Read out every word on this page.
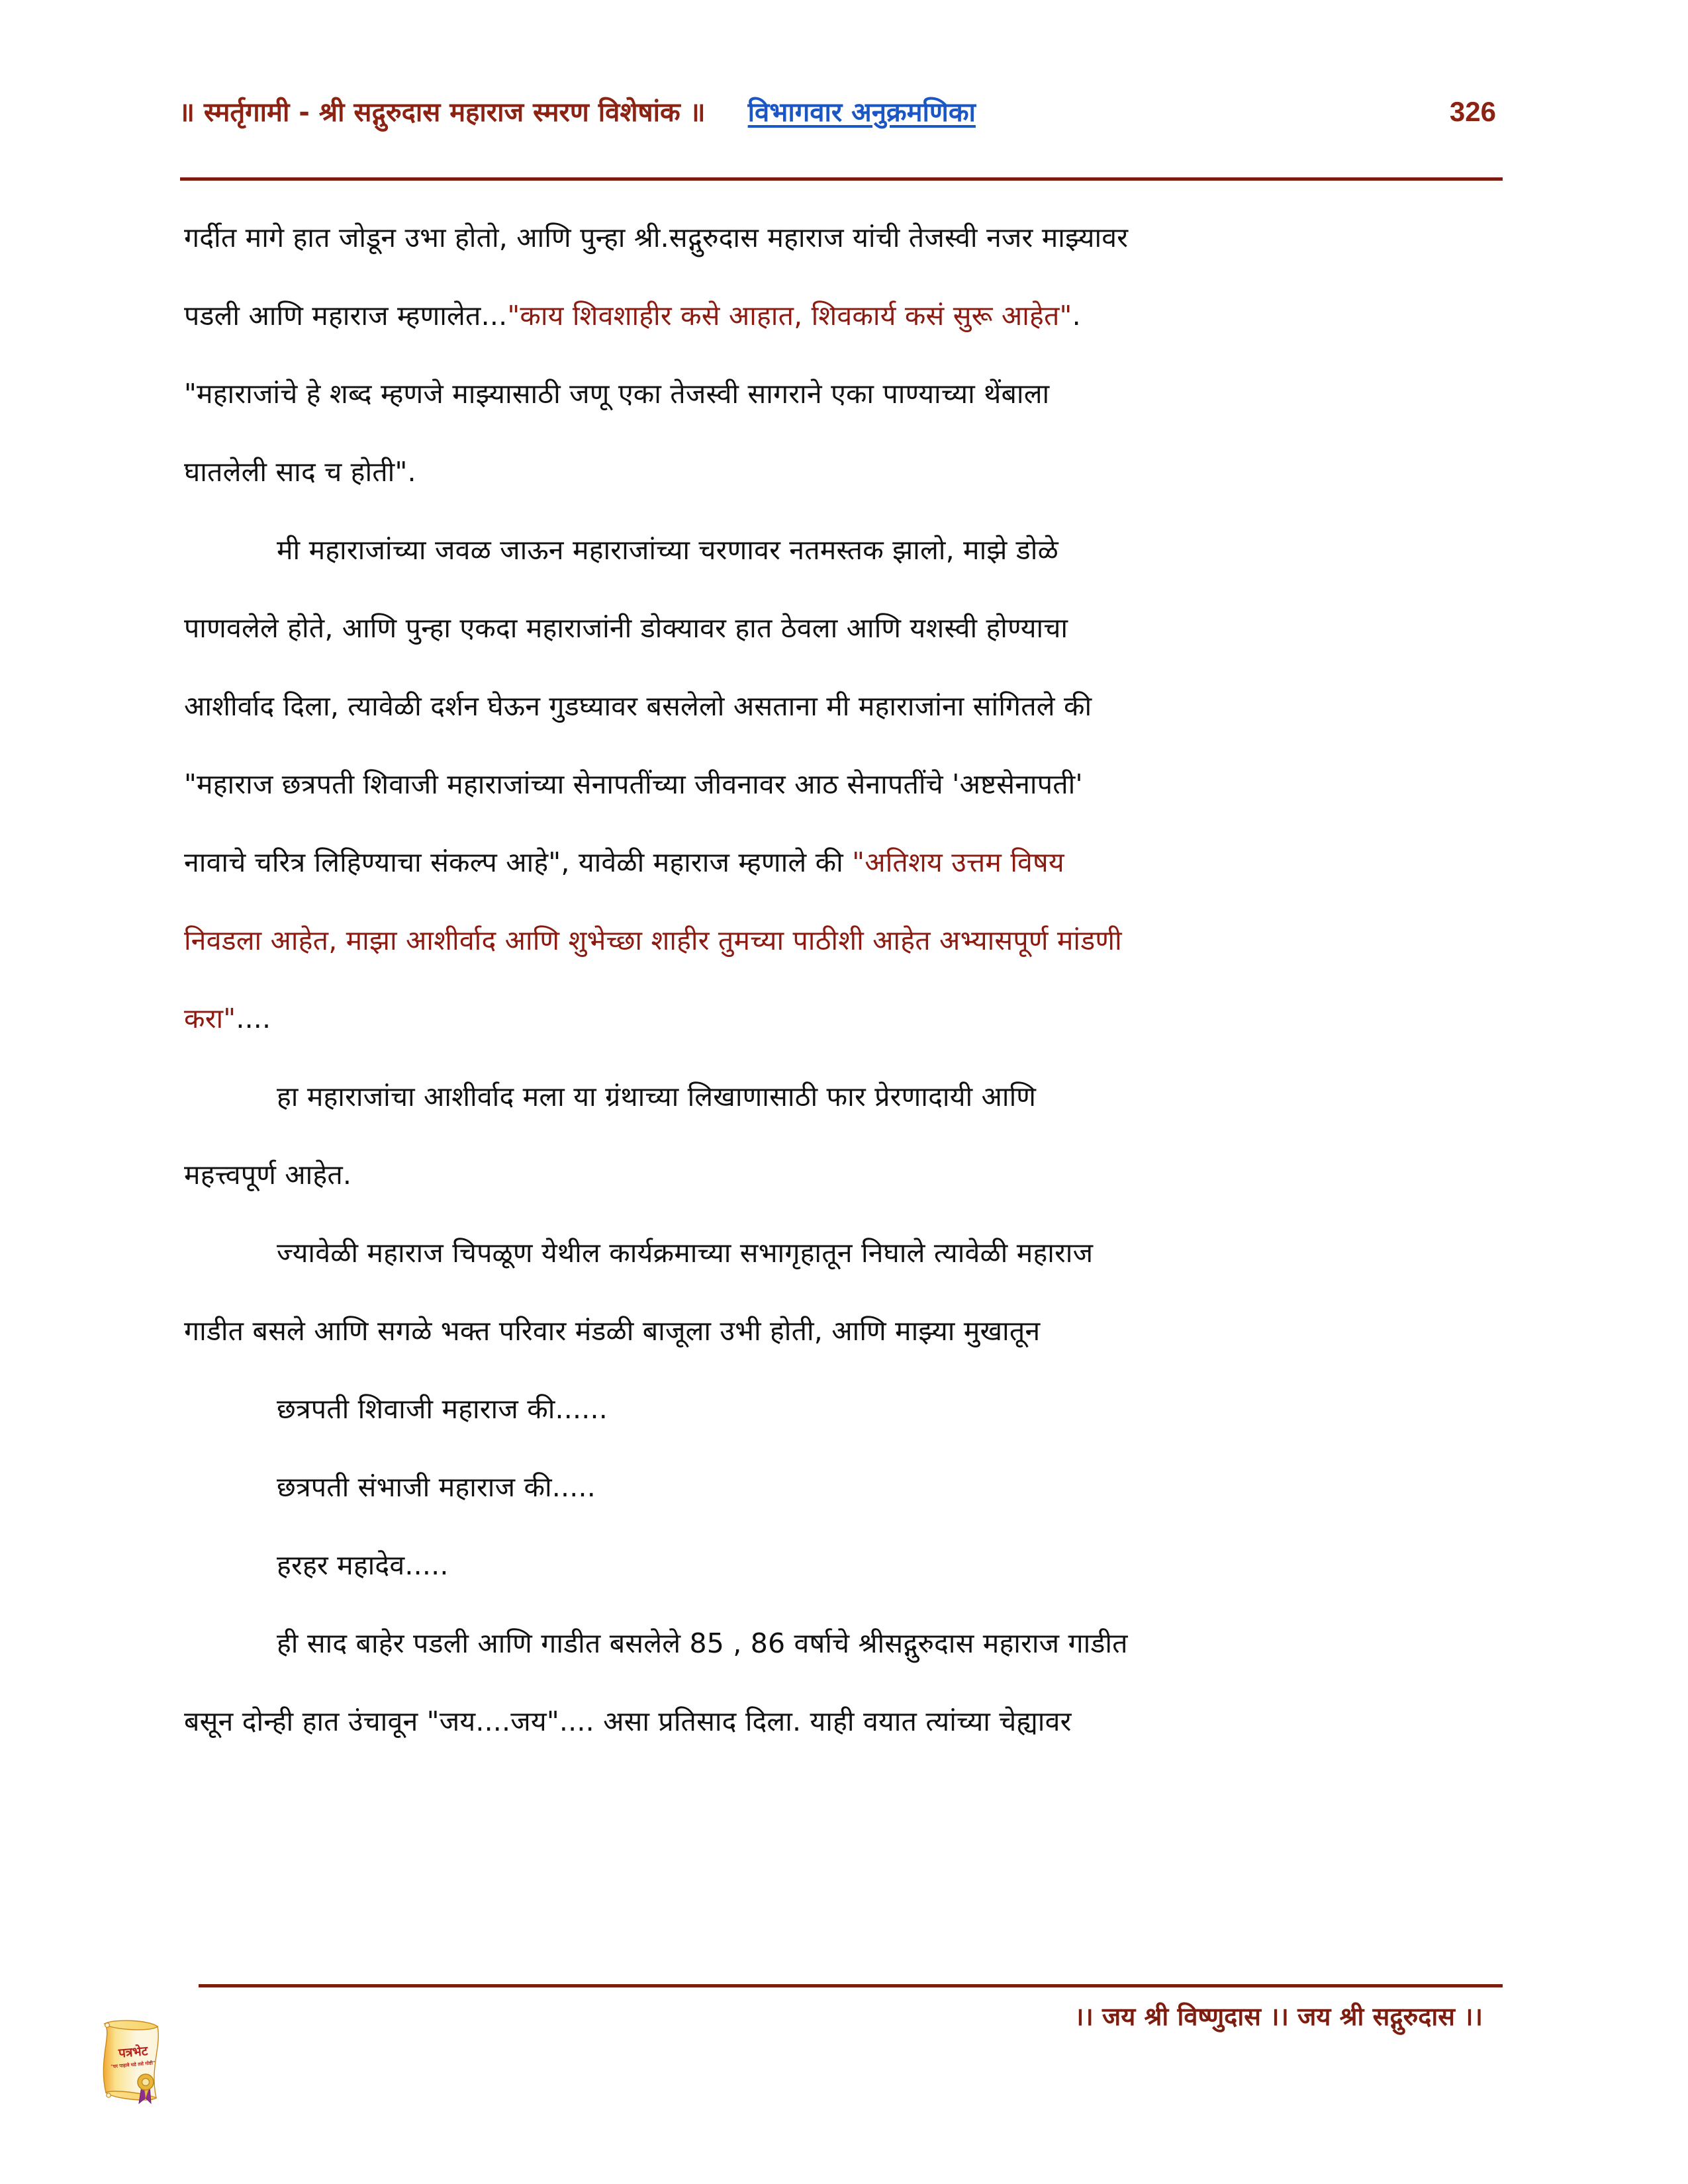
॥ स्मर्तृगामी - श्री सद्गुरुदास महाराज स्मरण विशेषांक ॥ विभागवार अनुक्रमणिका	326
गर्दीत मागे हात जोडून उभा होतो, आणि पुन्हा श्री.सद्गुरुदास महाराज यांची तेजस्वी नजर माझ्यावर
पडली आणि महाराज म्हणालेत..."काय शिवशाहीर कसे आहात, शिवकार्य कसं सुरू आहेत".
"महाराजांचे हे शब्द म्हणजे माझ्यासाठी जणू एका तेजस्वी सागराने एका पाण्याच्या थेंबाला
घातलेली साद च होती".
मी महाराजांच्या जवळ जाऊन महाराजांच्या चरणावर नतमस्तक झालो, माझे डोळे
पाणवलेले होते, आणि पुन्हा एकदा महाराजांनी डोक्यावर हात ठेवला आणि यशस्वी होण्याचा
आशीर्वाद दिला, त्यावेळी दर्शन घेऊन गुडघ्यावर बसलेलो असताना मी महाराजांना सांगितले की
"महाराज छत्रपती शिवाजी महाराजांच्या सेनापतींच्या जीवनावर आठ सेनापतींचे 'अष्टसेनापती'
नावाचे चरित्र लिहिण्याचा संकल्प आहे", यावेळी महाराज म्हणाले की "अतिशय उत्तम विषय
निवडला आहेत, माझा आशीर्वाद आणि शुभेच्छा शाहीर तुमच्या पाठीशी आहेत अभ्यासपूर्ण मांडणी
करा"....
हा महाराजांचा आशीर्वाद मला या ग्रंथाच्या लिखाणासाठी फार प्रेरणादायी आणि
महत्त्वपूर्ण आहेत.
ज्यावेळी महाराज चिपळूण येथील कार्यक्रमाच्या सभागृहातून निघाले त्यावेळी महाराज
गाडीत बसले आणि सगळे भक्त परिवार मंडळी बाजूला उभी होती, आणि माझ्या मुखातून
छत्रपती शिवाजी महाराज की......
छत्रपती संभाजी महाराज की.....
हरहर महादेव.....
ही साद बाहेर पडली आणि गाडीत बसलेले 85 , 86 वर्षाचे श्रीसद्गुरुदास महाराज गाडीत
बसून दोन्ही हात उंचावून "जय....जय".... असा प्रतिसाद दिला. याही वयात त्यांच्या चेह्यावर
।। जय श्री विष्णुदास ।। जय श्री सद्गुरुदास ।।
पत्रभेट
"घर पाहावे घडे तसे गोष्टी"
